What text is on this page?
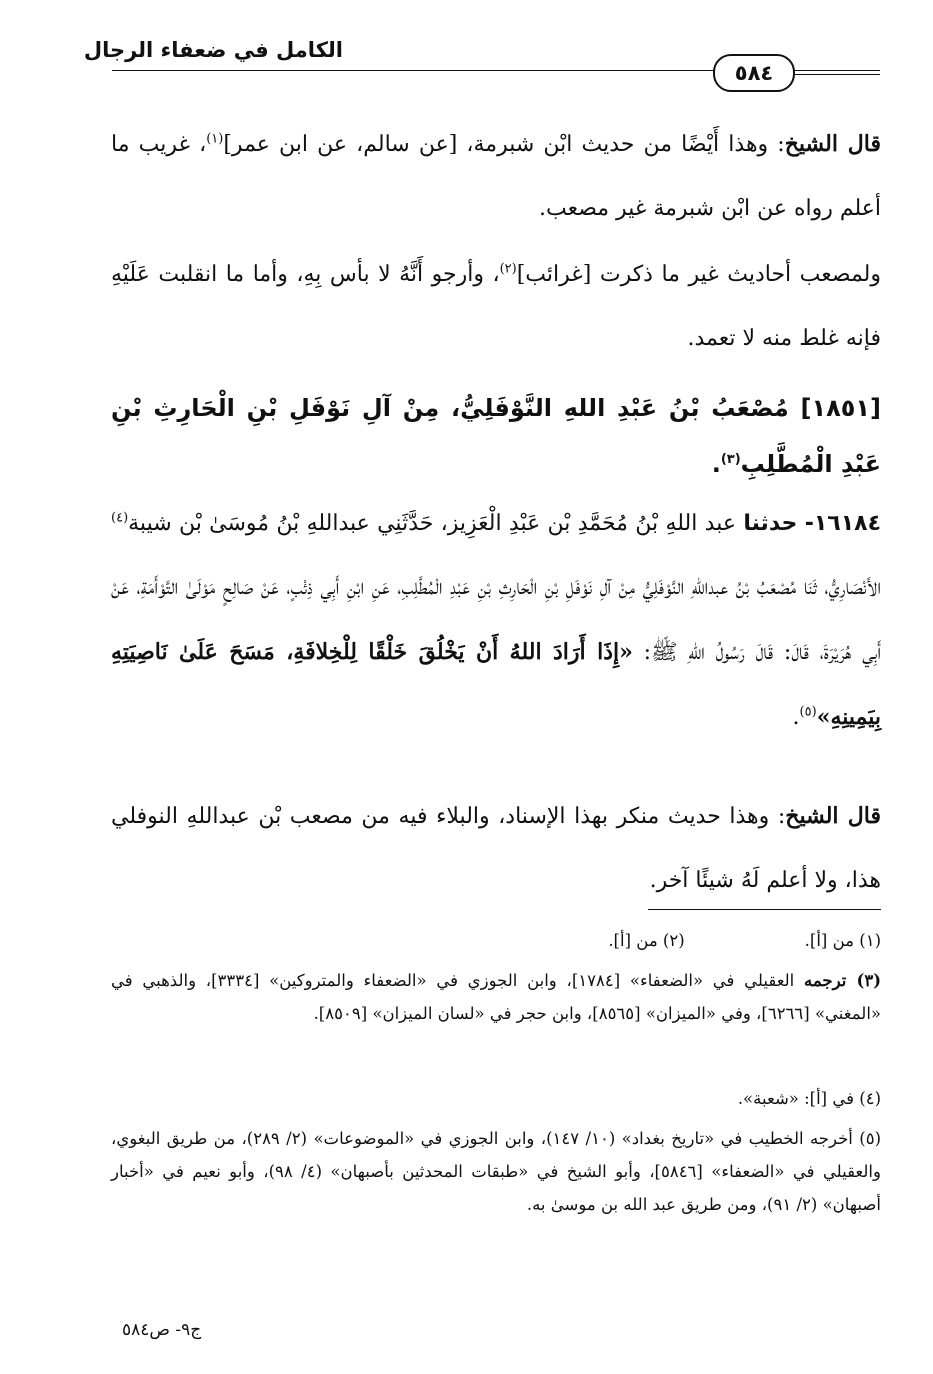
الكامل في ضعفاء الرجال
٥٨٤
قال الشيخ: وهذا أَيْضًا من حديث ابْن شبرمة، [عن سالم، عن ابن عمر]$^{(١)}$، غريب ما أعلم رواه عن ابْن شبرمة غير مصعب.
ولمصعب أحاديث غير ما ذكرت [غرائب]$^{(٢)}$، وأرجو أَنَّهُ لا بأس بِهِ، وأما ما انقلبت عَلَيْهِ فإنه غلط منه لا تعمد.
[١٨٥١] مُصْعَبُ بْنُ عَبْدِ اللهِ النَّوْفَلِيُّ، مِنْ آلِ نَوْفَلِ بْنِ الْحَارِثِ بْنِ عَبْدِ الْمُطَّلِبِ$^{(٣)}$.
١٦١٨٤- حدثنا عبد اللهِ بْنُ مُحَمَّدِ بْن عَبْدِ الْعَزِيز، حَدَّثَنِي عبداللهِ بْنُ مُوسَىٰ بْن شيبة$^{(٤)}$ الأَنْصَارِيُّ، ثَنَا مُصْعَبُ بْنُ عبداللهِ النَّوْفَلِيُّ مِنْ آلِ نَوْفَلِ بْنِ الْحَارِثِ بْنِ عَبْدِ الْمُطَّلِبِ، عَنِ ابْنِ أَبِي ذِئْبٍ، عَنْ صَالِحٍ مَوْلَىٰ التَّوْأَمَةِ، عَنْ أَبِي هُرَيْرَةَ، قَالَ: قَالَ رَسُولُ اللهِ ﷺ: «إِذَا أَرَادَ اللهُ أَنْ يَخْلُقَ خَلْقًا لِلْخِلافَةِ، مَسَحَ عَلَىٰ نَاصِيَتِهِ بِيَمِينِهِ»$^{(٥)}$.
قال الشيخ: وهذا حديث منكر بهذا الإسناد، والبلاء فيه من مصعب بْن عبداللهِ النوفلي هذا، ولا أعلم لَهُ شيئًا آخر.
(١) من [أ].(٢) من [أ].
(٣) ترجمه العقيلي في «الضعفاء» [١٧٨٤]، وابن الجوزي في «الضعفاء والمتروكين» [٣٣٣٤]، والذهبي في «المغني» [٦٢٦٦]، وفي «الميزان» [٨٥٦٥]، وابن حجر في «لسان الميزان» [٨٥٠٩].
(٤) في [أ]: «شعبة».
(٥) أخرجه الخطيب في «تاريخ بغداد» (١٠/ ١٤٧)، وابن الجوزي في «الموضوعات» (٢/ ٢٨٩)، من طريق البغوي، والعقيلي في «الضعفاء» [٥٨٤٦]، وأبو الشيخ في «طبقات المحدثين بأصبهان» (٤/ ٩٨)، وأبو نعيم في «أخبار أصبهان» (٢/ ٩١)، ومن طريق عبد الله بن موسىٰ به.
ج٩- ص٥٨٤
